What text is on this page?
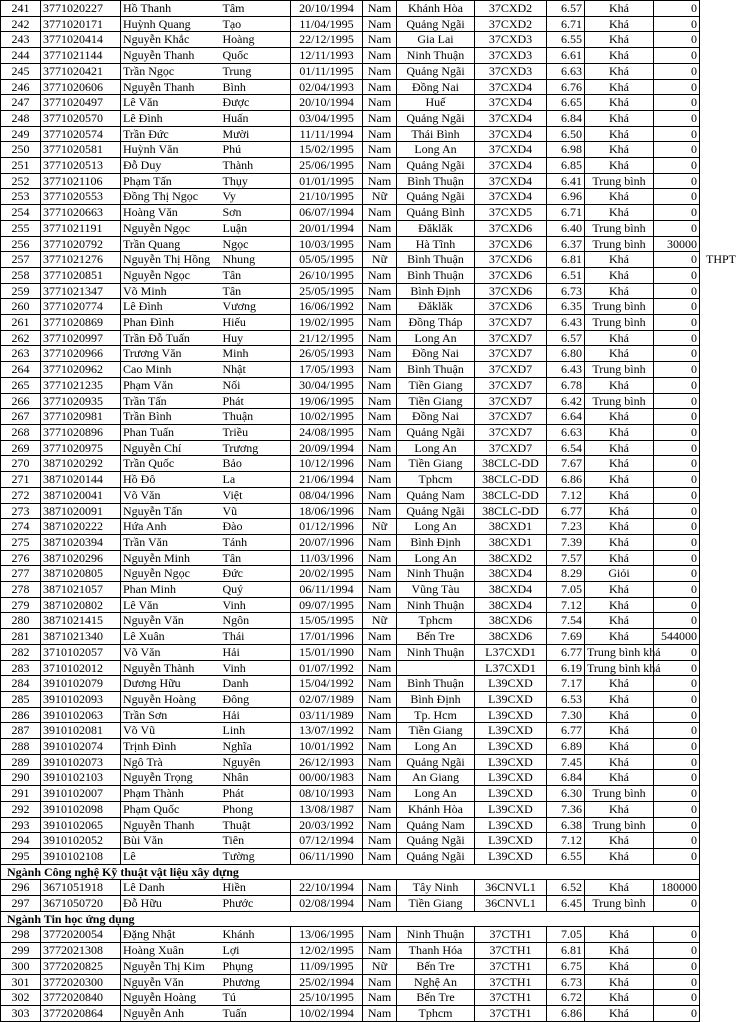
241	3771020227	Hồ Thanh	Tâm	20/10/1994	Nam	Khánh Hòa	37CXD2	6.57	Khá	0
242	3771020171	Huỳnh Quang	Tạo	11/04/1995	Nam	Quảng Ngãi	37CXD2	6.71	Khá	0
243	3771020414	Nguyễn Khắc	Hoàng	22/12/1995	Nam	Gia Lai	37CXD3	6.55	Khá	0
244	3771021144	Nguyễn Thanh	Quốc	12/11/1993	Nam	Ninh Thuận	37CXD3	6.61	Khá	0
245	3771020421	Trần Ngọc	Trung	01/11/1995	Nam	Quảng Ngãi	37CXD3	6.63	Khá	0
246	3771020606	Nguyễn Thanh	Bình	02/04/1993	Nam	Đồng Nai	37CXD4	6.76	Khá	0
247	3771020497	Lê Văn	Được	20/10/1994	Nam	Huế	37CXD4	6.65	Khá	0
248	3771020570	Lê Đình	Huấn	03/04/1995	Nam	Quảng Ngãi	37CXD4	6.84	Khá	0
249	3771020574	Trần Đức	Mười	11/11/1994	Nam	Thái Bình	37CXD4	6.50	Khá	0
250	3771020581	Huỳnh Văn	Phú	15/02/1995	Nam	Long An	37CXD4	6.98	Khá	0
251	3771020513	Đỗ Duy	Thành	25/06/1995	Nam	Quảng Ngãi	37CXD4	6.85	Khá	0
252	3771021106	Phạm Tấn	Thụy	01/01/1995	Nam	Bình Thuận	37CXD4	6.41	Trung bình	0
253	3771020553	Đồng Thị Ngọc	Vy	21/10/1995	Nữ	Quảng Ngãi	37CXD4	6.96	Khá	0
254	3771020663	Hoàng Văn	Sơn	06/07/1994	Nam	Quảng Bình	37CXD5	6.71	Khá	0
255	3771021191	Nguyễn Ngọc	Luận	20/01/1994	Nam	Đăklăk	37CXD6	6.40	Trung bình	0
256	3771020792	Trần Quang	Ngọc	10/03/1995	Nam	Hà Tĩnh	37CXD6	6.37	Trung bình	30000
257	3771021276	Nguyễn Thị Hồng	Nhung	05/05/1995	Nữ	Bình Thuận	37CXD6	6.81	Khá	0 THPT

258	3771020851	Nguyễn Ngọc	Tân	26/10/1995	Nam	Bình Thuận	37CXD6	6.51	Khá	0
259	3771021347	Võ Minh	Tân	25/05/1995	Nam	Bình Định	37CXD6	6.73	Khá	0
260	3771020774	Lê Đình	Vương	16/06/1992	Nam	Đăklăk	37CXD6	6.35	Trung bình	0
261	3771020869	Phan Đình	Hiếu	19/02/1995	Nam	Đồng Tháp	37CXD7	6.43	Trung bình	0
262	3771020997	Trần Đỗ Tuấn	Huy	21/12/1995	Nam	Long An	37CXD7	6.57	Khá	0
263	3771020966	Trương Văn	Minh	26/05/1993	Nam	Đồng Nai	37CXD7	6.80	Khá	0
264	3771020962	Cao Minh	Nhật	17/05/1993	Nam	Bình Thuận	37CXD7	6.43	Trung bình	0
265	3771021235	Phạm Văn	Nối	30/04/1995	Nam	Tiền Giang	37CXD7	6.78	Khá	0
266	3771020935	Trần Tấn	Phát	19/06/1995	Nam	Tiền Giang	37CXD7	6.42	Trung bình	0
267	3771020981	Trần Bình	Thuận	10/02/1995	Nam	Đồng Nai	37CXD7	6.64	Khá	0
268	3771020896	Phan Tuấn	Triều	24/08/1995	Nam	Quảng Ngãi	37CXD7	6.63	Khá	0
269	3771020975	Nguyễn Chí	Trương	20/09/1994	Nam	Long An	37CXD7	6.54	Khá	0
270	3871020292	Trần Quốc	Bảo	10/12/1996	Nam	Tiền Giang	38CLC-DD	7.67	Khá	0
271	3871020144	Hồ Đô	La	21/06/1994	Nam	Tphcm	38CLC-DD	6.86	Khá	0
272	3871020041	Võ Văn	Việt	08/04/1996	Nam	Quảng Nam	38CLC-DD	7.12	Khá	0
273	3871020091	Nguyễn Tấn	Vũ	18/06/1996	Nam	Quảng Ngãi	38CLC-DD	6.77	Khá	0
274	3871020222	Hứa Anh	Đào	01/12/1996	Nữ	Long An	38CXD1	7.23	Khá	0
275	3871020394	Trần Văn	Tánh	20/07/1996	Nam	Bình Định	38CXD1	7.39	Khá	0
276	3871020296	Nguyễn Minh	Tân	11/03/1996	Nam	Long An	38CXD2	7.57	Khá	0
277	3871020805	Nguyễn Ngọc	Đức	20/02/1995	Nam	Ninh Thuận	38CXD4	8.29	Giỏi	0
278	3871021057	Phan Minh	Quý	06/11/1994	Nam	Vũng Tàu	38CXD4	7.05	Khá	0
279	3871020802	Lê Văn	Vinh	09/07/1995	Nam	Ninh Thuận	38CXD4	7.12	Khá	0
280	3871021415	Nguyễn Văn	Ngôn	15/05/1995	Nữ	Tphcm	38CXD6	7.54	Khá	0
281	3871021340	Lê Xuân	Thái	17/01/1996	Nam	Bến Tre	38CXD6	7.69	Khá	544000
282	3710102057	Võ Văn	Hải	15/01/1990	Nam	Ninh Thuận	L37CXD1	6.77	Trung bình khá	0
283	3710102012	Nguyễn Thành	Vinh	01/07/1992	Nam		L37CXD1	6.19	Trung bình khá	0
284	3910102079	Dương Hữu	Danh	15/04/1992	Nam	Bình Thuận	L39CXD	7.17	Khá	0
285	3910102093	Nguyễn Hoàng	Đông	02/07/1989	Nam	Bình Định	L39CXD	6.53	Khá	0
286	3910102063	Trần Sơn	Hải	03/11/1989	Nam	Tp. Hcm	L39CXD	7.30	Khá	0
287	3910102081	Võ Vũ	Linh	13/07/1992	Nam	Tiền Giang	L39CXD	6.77	Khá	0
288	3910102074	Trịnh Đình	Nghĩa	10/01/1992	Nam	Long An	L39CXD	6.89	Khá	0
289	3910102073	Ngô Trà	Nguyên	26/12/1993	Nam	Quảng Ngãi	L39CXD	7.45	Khá	0
290	3910102103	Nguyễn Trọng	Nhân	00/00/1983	Nam	An Giang	L39CXD	6.84	Khá	0
291	3910102007	Phạm Thành	Phát	08/10/1993	Nam	Long An	L39CXD	6.30	Trung bình	0
292	3910102098	Phạm Quốc	Phong	13/08/1987	Nam	Khánh Hòa	L39CXD	7.36	Khá	0
293	3910102065	Nguyễn Thanh	Thuật	20/03/1992	Nam	Quảng Nam	L39CXD	6.38	Trung bình	0
294	3910102052	Bùi Văn	Tiên	07/12/1994	Nam	Quảng Ngãi	L39CXD	7.12	Khá	0
295	3910102108	Lê	Tường	06/11/1990	Nam	Quảng Ngãi	L39CXD	6.55	Khá	0
Ngành Công nghệ Kỹ thuật vật liệu xây dựng										
296	3671051918	Lê Danh	Hiền	22/10/1994	Nam	Tây Ninh	36CNVL1	6.52	Khá	180000
297	3671050720	Đỗ Hữu	Phước	02/08/1994	Nam	Tiền Giang	36CNVL1	6.45	Trung bình	0
Ngành Tin học ứng dụng										
298	3772020054	Đặng Nhật	Khánh	13/06/1995	Nam	Ninh Thuận	37CTH1	7.05	Khá	0
299	3772021308	Hoàng Xuân	Lợi	12/02/1995	Nam	Thanh Hóa	37CTH1	6.81	Khá	0
300	3772020825	Nguyễn Thị Kim	Phụng	11/09/1995	Nữ	Bến Tre	37CTH1	6.75	Khá	0
301	3772020300	Nguyễn Văn	Phương	25/02/1994	Nam	Nghệ An	37CTH1	6.73	Khá	0
302	3772020840	Nguyễn Hoàng	Tú	25/10/1995	Nam	Bến Tre	37CTH1	6.72	Khá	0
303	3772020864	Nguyễn Anh	Tuấn	10/02/1994	Nam	Tphcm	37CTH1	6.86	Khá	0
